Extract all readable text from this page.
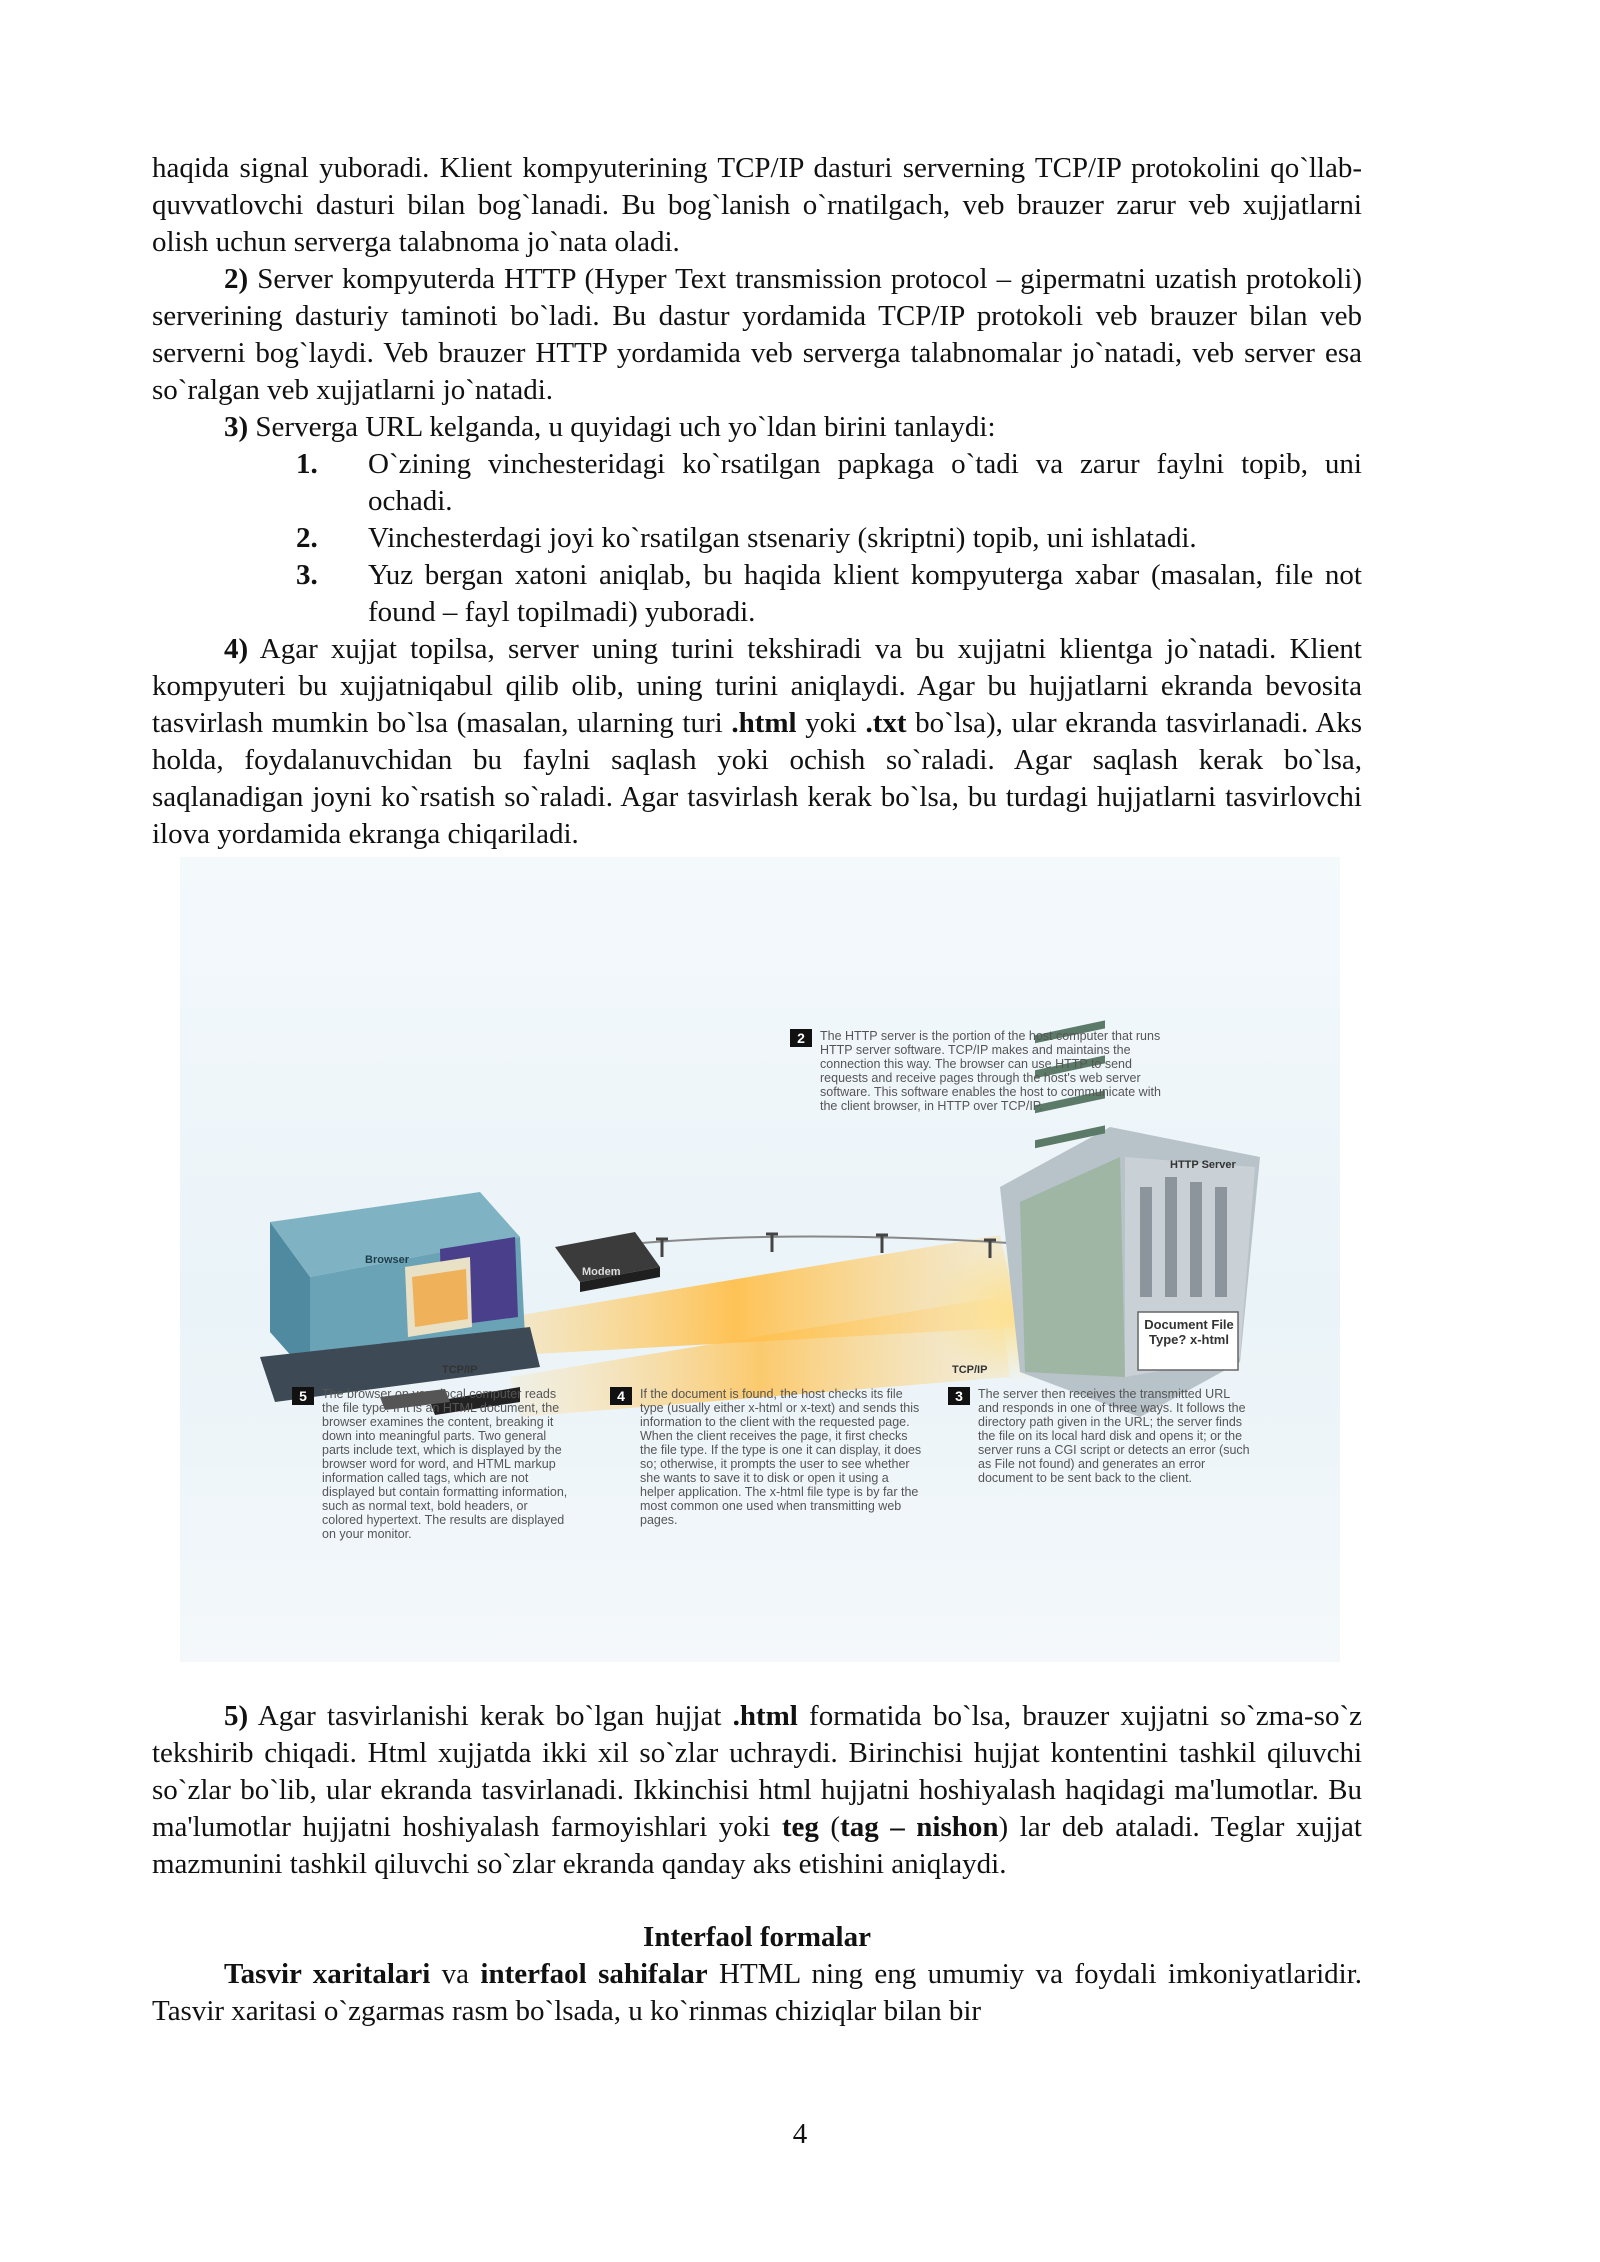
haqida signal yuboradi. Klient kompyuterining TCP/IP dasturi serverning TCP/IP protokolini qo`llab-quvvatlovchi dasturi bilan bog`lanadi. Bu bog`lanish o`rnatilgach, veb brauzer zarur veb xujjatlarni olish uchun serverga talabnoma jo`nata oladi.

2) Server kompyuterda HTTP (Hyper Text transmission protocol – gipermatni uzatish protokoli) serverining dasturiy taminoti bo`ladi. Bu dastur yordamida TCP/IP protokoli veb brauzer bilan veb serverni bog`laydi. Veb brauzer HTTP yordamida veb serverga talabnomalar jo`natadi, veb server esa so`ralgan veb xujjatlarni jo`natadi.

3) Serverga URL kelganda, u quyidagi uch yo`ldan birini tanlaydi:

1.	O`zining vinchesteridagi ko`rsatilgan papkaga o`tadi va zarur faylni topib, uni ochadi.
2.	Vinchesterdagi joyi ko`rsatilgan stsenariy (skriptni) topib, uni ishlatadi.
3.	Yuz bergan xatoni aniqlab, bu haqida klient kompyuterga xabar (masalan, file not found – fayl topilmadi) yuboradi.

4) Agar xujjat topilsa, server uning turini tekshiradi va bu xujjatni klientga jo`natadi. Klient kompyuteri bu xujjatniqabul qilib olib, uning turini aniqlaydi. Agar bu hujjatlarni ekranda bevosita tasvirlash mumkin bo`lsa (masalan, ularning turi .html yoki .txt bo`lsa), ular ekranda tasvirlanadi. Aks holda, foydalanuvchidan bu faylni saqlash yoki ochish so`raladi. Agar saqlash kerak bo`lsa, saqlanadigan joyni ko`rsatish so`raladi. Agar tasvirlash kerak bo`lsa, bu turdagi hujjatlarni tasvirlovchi ilova yordamida ekranga chiqariladi.

2	The HTTP server is the portion of the host computer that runs HTTP server software. TCP/IP makes and maintains the connection this way. The browser can use HTTP to send requests and receive pages through the host's web server software. This software enables the host to communicate with the client browser, in HTTP over TCP/IP.
HTTP Server
Browser
Modem
TCP/IP	TCP/IP
Document File Type? x-html
5	The browser on your local computer reads the file type. If it is an HTML document, the browser examines the content, breaking it down into meaningful parts. Two general parts include text, which is displayed by the browser word for word, and HTML markup information called tags, which are not displayed but contain formatting information, such as normal text, bold headers, or colored hypertext. The results are displayed on your monitor.
4	If the document is found, the host checks its file type (usually either x-html or x-text) and sends this information to the client with the requested page. When the client receives the page, it first checks the file type. If the type is one it can display, it does so; otherwise, it prompts the user to see whether she wants to save it to disk or open it using a helper application. The x-html file type is by far the most common one used when transmitting web pages.
3	The server then receives the transmitted URL and responds in one of three ways. It follows the directory path given in the URL; the server finds the file on its local hard disk and opens it; or the server runs a CGI script or detects an error (such as File not found) and generates an error document to be sent back to the client.

5) Agar tasvirlanishi kerak bo`lgan hujjat .html formatida bo`lsa, brauzer xujjatni so`zma-so`z tekshirib chiqadi. Html xujjatda ikki xil so`zlar uchraydi. Birinchisi hujjat kontentini tashkil qiluvchi so`zlar bo`lib, ular ekranda tasvirlanadi. Ikkinchisi html hujjatni hoshiyalash haqidagi ma'lumotlar. Bu ma'lumotlar hujjatni hoshiyalash farmoyishlari yoki teg (tag – nishon) lar deb ataladi. Teglar xujjat mazmunini tashkil qiluvchi so`zlar ekranda qanday aks etishini aniqlaydi.

Interfaol formalar

Tasvir xaritalari va interfaol sahifalar HTML ning eng umumiy va foydali imkoniyatlaridir. Tasvir xaritasi o`zgarmas rasm bo`lsada, u ko`rinmas chiziqlar bilan bir

4
